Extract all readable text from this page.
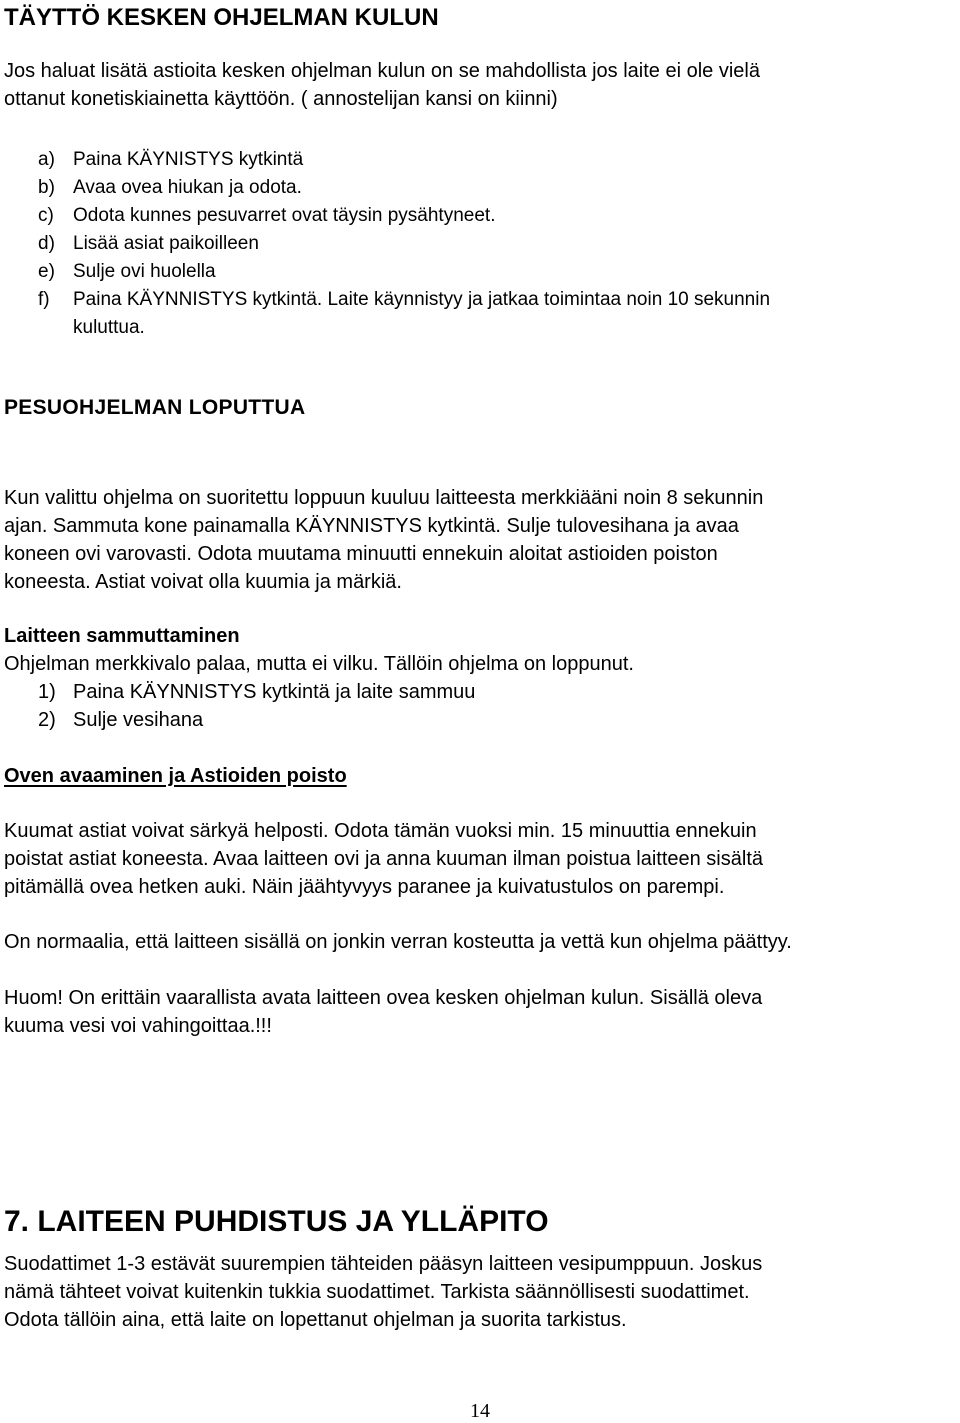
TÄYTTÖ KESKEN OHJELMAN KULUN
Jos haluat lisätä astioita kesken ohjelman kulun on se mahdollista jos laite ei ole vielä
ottanut konetiskiainetta käyttöön. ( annostelijan kansi on kiinni)
a) Paina KÄYNISTYS kytkintä
b) Avaa ovea hiukan ja odota.
c) Odota kunnes pesuvarret ovat täysin pysähtyneet.
d) Lisää asiat paikoilleen
e) Sulje ovi huolella
f) Paina KÄYNNISTYS kytkintä. Laite käynnistyy ja jatkaa toimintaa noin 10 sekunnin
kuluttua.
PESUOHJELMAN LOPUTTUA
Kun valittu ohjelma on suoritettu loppuun kuuluu laitteesta merkkiääni noin 8 sekunnin
ajan. Sammuta kone painamalla KÄYNNISTYS kytkintä. Sulje tulovesihana ja avaa
koneen ovi varovasti. Odota muutama minuutti ennekuin aloitat astioiden poiston
koneesta. Astiat voivat olla kuumia ja märkiä.
Laitteen sammuttaminen
Ohjelman merkkivalo palaa, mutta ei vilku. Tällöin ohjelma on loppunut.
1) Paina KÄYNNISTYS kytkintä ja laite sammuu
2) Sulje vesihana
Oven avaaminen ja Astioiden poisto
Kuumat astiat voivat särkyä helposti. Odota tämän vuoksi min. 15 minuuttia ennekuin
poistat astiat koneesta. Avaa laitteen ovi ja anna kuuman ilman poistua laitteen sisältä
pitämällä ovea hetken auki. Näin jäähtyvyys paranee ja kuivatustulos on parempi.
On normaalia, että laitteen sisällä on jonkin verran kosteutta ja vettä kun ohjelma päättyy.
Huom! On erittäin vaarallista avata laitteen ovea kesken ohjelman kulun. Sisällä oleva
kuuma vesi voi vahingoittaa.!!!
7. LAITEEN PUHDISTUS JA YLLÄPITO
Suodattimet 1-3 estävät suurempien tähteiden pääsyn laitteen vesipumppuun. Joskus
nämä tähteet voivat kuitenkin tukkia suodattimet. Tarkista säännöllisesti suodattimet.
Odota tällöin aina, että laite on lopettanut ohjelman ja suorita tarkistus.
14
